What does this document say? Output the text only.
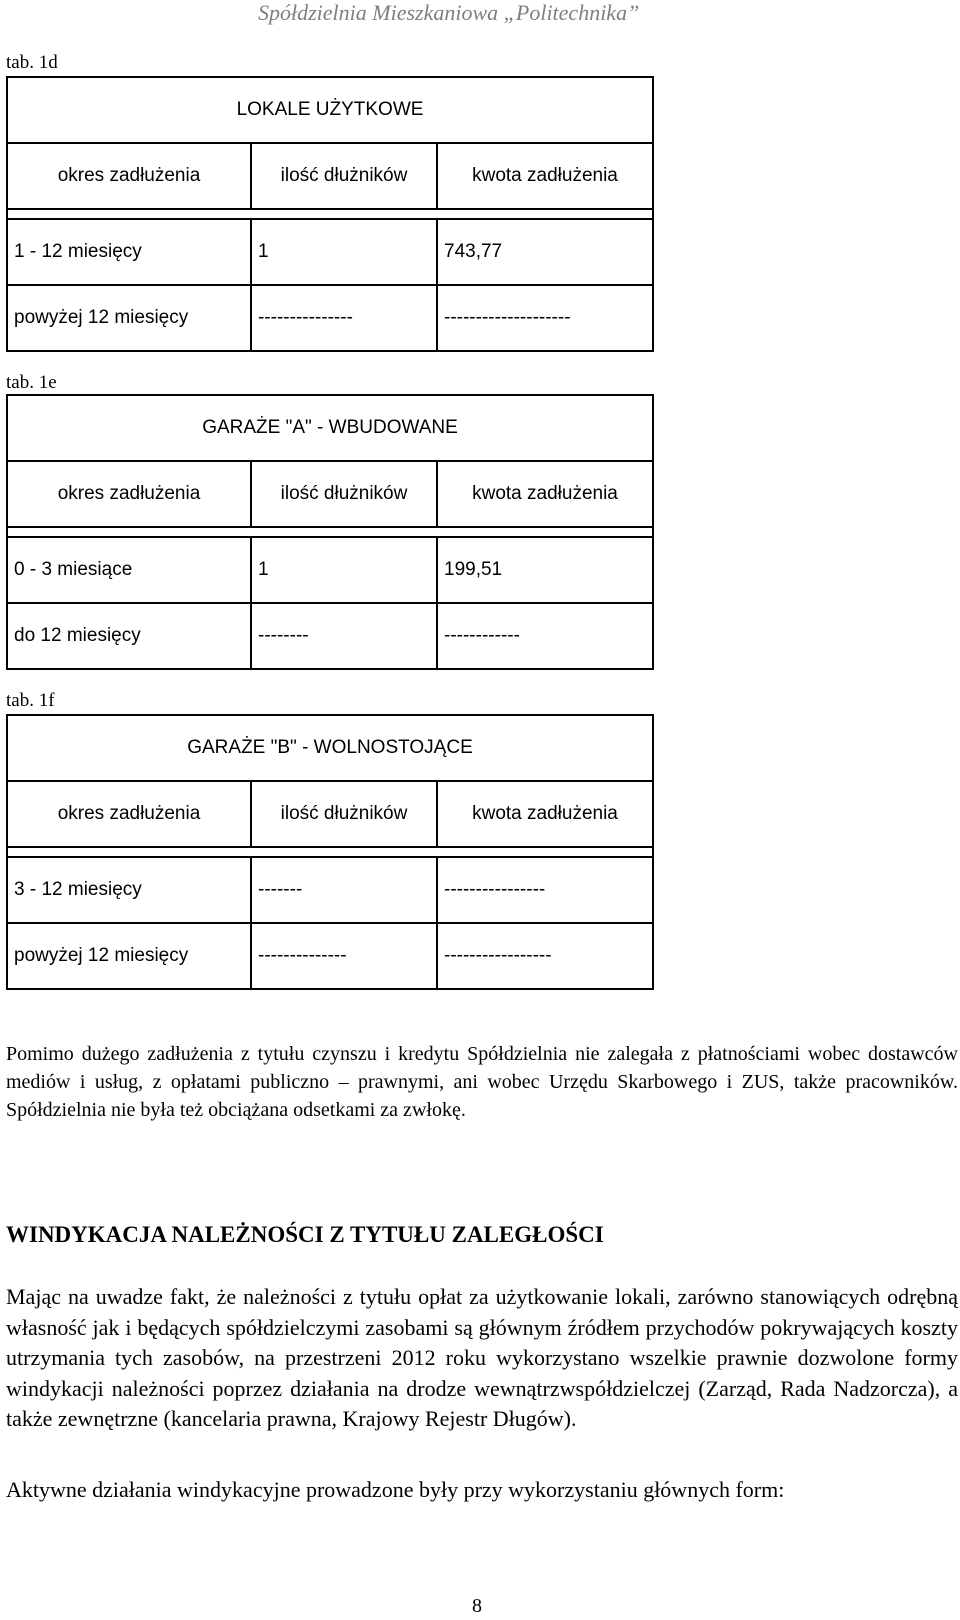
Spółdzielnia Mieszkaniowa „Politechnika”
tab. 1d
LOKALE UŻYTKOWE		
okres zadłużenia	ilość dłużników	kwota zadłużenia

1 - 12 miesięcy	1	743,77
powyżej 12 miesięcy	---------------	--------------------
tab. 1e
GARAŻE "A" - WBUDOWANE		
okres zadłużenia	ilość dłużników	kwota zadłużenia

0 - 3 miesiące	1	199,51
do 12 miesięcy	--------	------------
tab. 1f
GARAŻE "B" - WOLNOSTOJĄCE		
okres zadłużenia	ilość dłużników	kwota zadłużenia

3 - 12 miesięcy	-------	----------------
powyżej 12 miesięcy	--------------	-----------------
Pomimo dużego zadłużenia z tytułu czynszu i kredytu Spółdzielnia nie zalegała z płatnościami wobec dostawców mediów i usług, z opłatami publiczno – prawnymi, ani wobec Urzędu Skarbowego i ZUS, także pracowników. Spółdzielnia nie była też obciążana odsetkami za zwłokę.
WINDYKACJA NALEŻNOŚCI Z TYTUŁU ZALEGŁOŚCI
Mając na uwadze fakt, że należności z tytułu opłat za użytkowanie lokali, zarówno stanowiących odrębną własność jak i będących spółdzielczymi zasobami są głównym źródłem przychodów pokrywających koszty utrzymania tych zasobów, na przestrzeni 2012 roku wykorzystano wszelkie prawnie dozwolone formy windykacji należności poprzez działania na drodze wewnątrzwspółdzielczej (Zarząd, Rada Nadzorcza), a także zewnętrzne (kancelaria prawna, Krajowy Rejestr Długów).
Aktywne działania windykacyjne prowadzone były przy wykorzystaniu głównych form:
8
